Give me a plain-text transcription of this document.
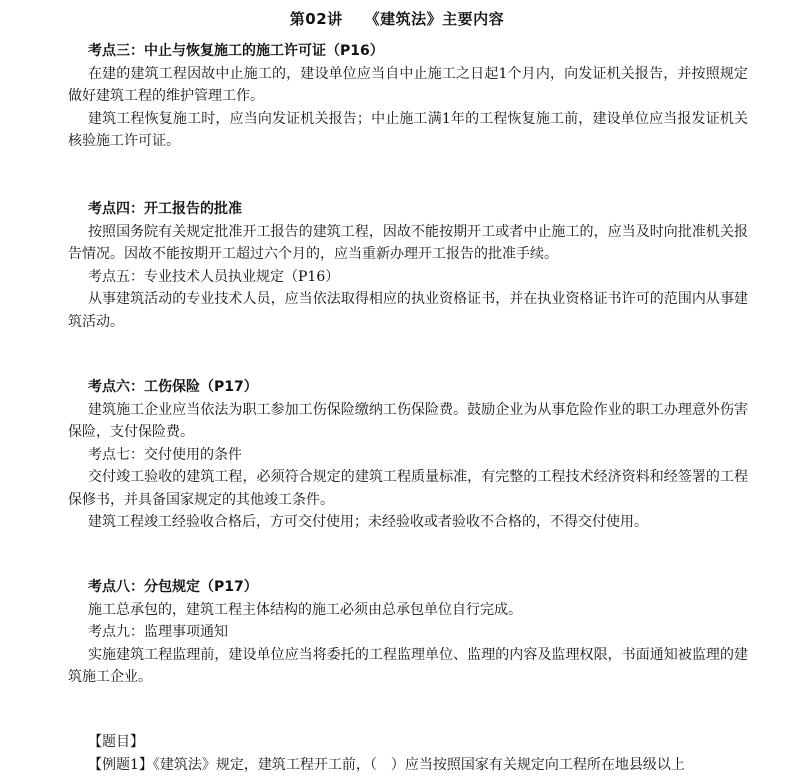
第02讲 《建筑法》主要内容
考点三：中止与恢复施工的施工许可证（P16）

在建的建筑工程因故中止施工的，建设单位应当自中止施工之日起1个月内，向发证机关报告，并按照规定做好建筑工程的维护管理工作。

建筑工程恢复施工时，应当向发证机关报告；中止施工满1年的工程恢复施工前，建设单位应当报发证机关核验施工许可证。

考点四：开工报告的批准

按照国务院有关规定批准开工报告的建筑工程，因故不能按期开工或者中止施工的，应当及时向批准机关报告情况。因故不能按期开工超过六个月的，应当重新办理开工报告的批准手续。

考点五：专业技术人员执业规定（P16）

从事建筑活动的专业技术人员，应当依法取得相应的执业资格证书，并在执业资格证书许可的范围内从事建筑活动。

考点六：工伤保险（P17）

建筑施工企业应当依法为职工参加工伤保险缴纳工伤保险费。鼓励企业为从事危险作业的职工办理意外伤害保险，支付保险费。

考点七：交付使用的条件

交付竣工验收的建筑工程，必须符合规定的建筑工程质量标准，有完整的工程技术经济资料和经签署的工程保修书，并具备国家规定的其他竣工条件。

建筑工程竣工经验收合格后，方可交付使用；未经验收或者验收不合格的，不得交付使用。

考点八：分包规定（P17）

施工总承包的，建筑工程主体结构的施工必须由总承包单位自行完成。

考点九：监理事项通知

实施建筑工程监理前，建设单位应当将委托的工程监理单位、监理的内容及监理权限，书面通知被监理的建筑施工企业。

【题目】
【例题1】《建筑法》规定，建筑工程开工前，（　）应当按照国家有关规定向工程所在地县级以上
